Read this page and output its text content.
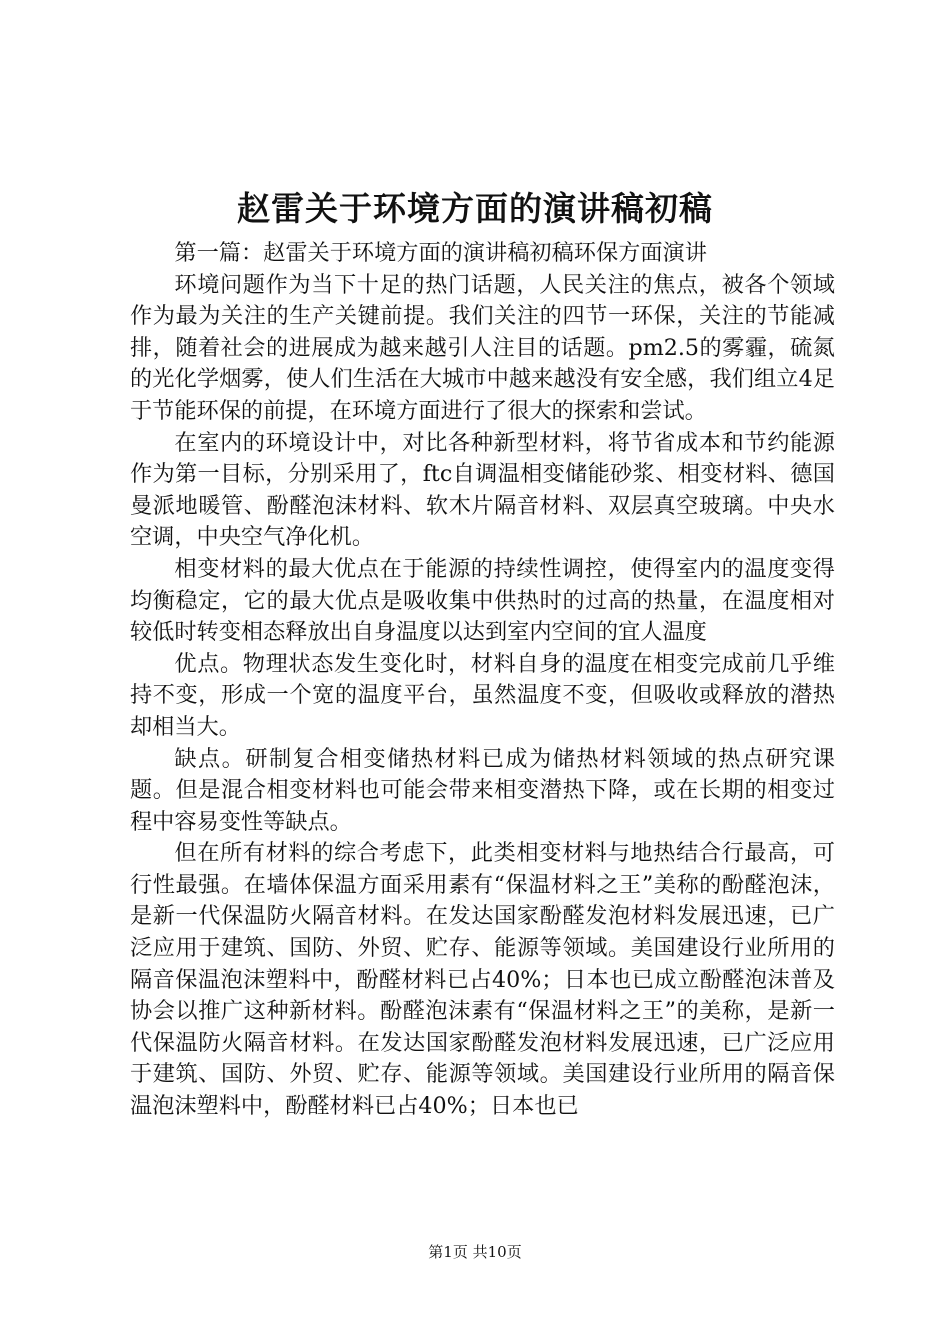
赵雷关于环境方面的演讲稿初稿

第一篇：赵雷关于环境方面的演讲稿初稿环保方面演讲

环境问题作为当下十足的热门话题，人民关注的焦点，被各个领域作为最为关注的生产关键前提。我们关注的四节一环保，关注的节能减排，随着社会的进展成为越来越引人注目的话题。pm2.5的雾霾，硫氮的光化学烟雾，使人们生活在大城市中越来越没有安全感，我们组立4足于节能环保的前提，在环境方面进行了很大的探索和尝试。

在室内的环境设计中，对比各种新型材料，将节省成本和节约能源作为第一目标，分别采用了，ftc自调温相变储能砂浆、相变材料、德国曼派地暖管、酚醛泡沫材料、软木片隔音材料、双层真空玻璃。中央水空调，中央空气净化机。

相变材料的最大优点在于能源的持续性调控，使得室内的温度变得均衡稳定，它的最大优点是吸收集中供热时的过高的热量，在温度相对较低时转变相态释放出自身温度以达到室内空间的宜人温度

优点。物理状态发生变化时，材料自身的温度在相变完成前几乎维持不变，形成一个宽的温度平台，虽然温度不变，但吸收或释放的潜热却相当大。

缺点。研制复合相变储热材料已成为储热材料领域的热点研究课题。但是混合相变材料也可能会带来相变潜热下降，或在长期的相变过程中容易变性等缺点。

但在所有材料的综合考虑下，此类相变材料与地热结合行最高，可行性最强。在墙体保温方面采用素有“保温材料之王”美称的酚醛泡沫，是新一代保温防火隔音材料。在发达国家酚醛发泡材料发展迅速，已广泛应用于建筑、国防、外贸、贮存、能源等领域。美国建设行业所用的隔音保温泡沫塑料中，酚醛材料已占40%；日本也已成立酚醛泡沫普及协会以推广这种新材料。酚醛泡沫素有“保温材料之王”的美称，是新一代保温防火隔音材料。在发达国家酚醛发泡材料发展迅速，已广泛应用于建筑、国防、外贸、贮存、能源等领域。美国建设行业所用的隔音保温泡沫塑料中，酚醛材料已占40%；日本也已

第1页 共10页
